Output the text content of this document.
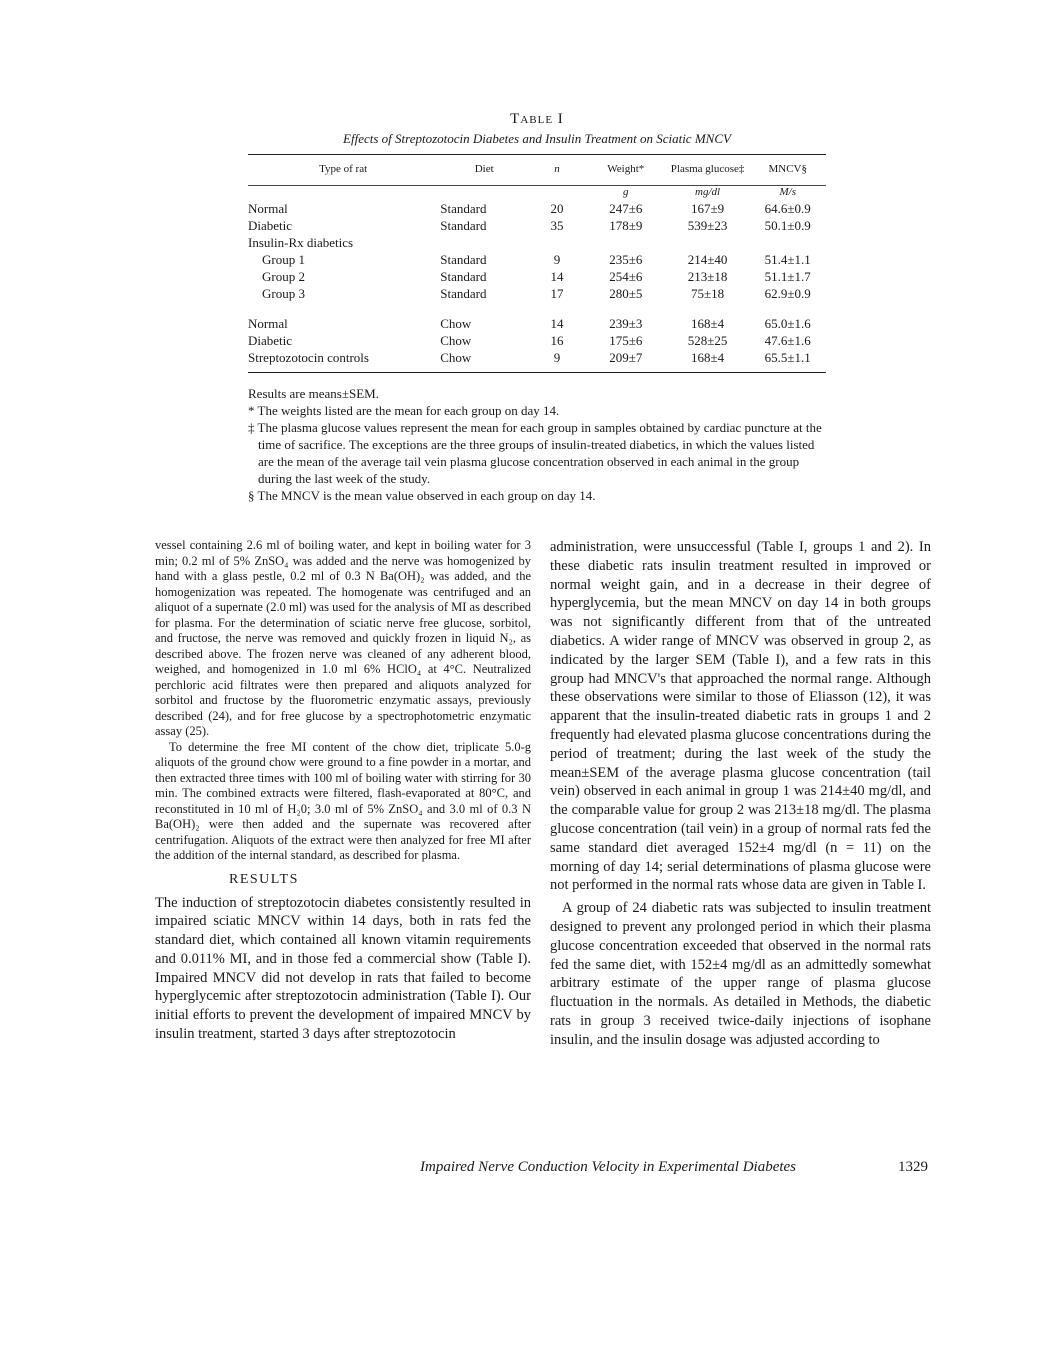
Table I

Effects of Streptozotocin Diabetes and Insulin Treatment on Sciatic MNCV

Type of rat	Diet	n	Weight*	Plasma glucose‡	MNCV§
			g	mg/dl	M/s
Normal	Standard	20	247±6	167±9	64.6±0.9
Diabetic	Standard	35	178±9	539±23	50.1±0.9
Insulin-Rx diabetics					
Group 1	Standard	9	235±6	214±40	51.4±1.1
Group 2	Standard	14	254±6	213±18	51.1±1.7
Group 3	Standard	17	280±5	75±18	62.9±0.9

Normal	Chow	14	239±3	168±4	65.0±1.6
Diabetic	Chow	16	175±6	528±25	47.6±1.6
Streptozotocin controls	Chow	9	209±7	168±4	65.5±1.1

Results are means±SEM.

* The weights listed are the mean for each group on day 14.

‡ The plasma glucose values represent the mean for each group in samples obtained by cardiac puncture at the time of sacrifice. The exceptions are the three groups of insulin-treated diabetics, in which the values listed are the mean of the average tail vein plasma glucose concentration observed in each animal in the group during the last week of the study.

§ The MNCV is the mean value observed in each group on day 14.

vessel containing 2.6 ml of boiling water, and kept in boiling water for 3 min; 0.2 ml of 5% ZnSO₄ was added and the nerve was homogenized by hand with a glass pestle, 0.2 ml of 0.3 N Ba(OH)₂ was added, and the homogenization was repeated. The homogenate was centrifuged and an aliquot of a supernate (2.0 ml) was used for the analysis of MI as described for plasma. For the determination of sciatic nerve free glucose, sorbitol, and fructose, the nerve was removed and quickly frozen in liquid N₂, as described above. The frozen nerve was cleaned of any adherent blood, weighed, and homogenized in 1.0 ml 6% HClO₄ at 4°C. Neutralized perchloric acid filtrates were then prepared and aliquots analyzed for sorbitol and fructose by the fluorometric enzymatic assays, previously described (24), and for free glucose by a spectrophotometric enzymatic assay (25).

To determine the free MI content of the chow diet, triplicate 5.0-g aliquots of the ground chow were ground to a fine powder in a mortar, and then extracted three times with 100 ml of boiling water with stirring for 30 min. The combined extracts were filtered, flash-evaporated at 80°C, and reconstituted in 10 ml of H₂0; 3.0 ml of 5% ZnSO₄ and 3.0 ml of 0.3 N Ba(OH)₂ were then added and the supernate was recovered after centrifugation. Aliquots of the extract were then analyzed for free MI after the addition of the internal standard, as described for plasma.

RESULTS

The induction of streptozotocin diabetes consistently resulted in impaired sciatic MNCV within 14 days, both in rats fed the standard diet, which contained all known vitamin requirements and 0.011% MI, and in those fed a commercial show (Table I). Impaired MNCV did not develop in rats that failed to become hyperglycemic after streptozotocin administration (Table I). Our initial efforts to prevent the development of impaired MNCV by insulin treatment, started 3 days after streptozotocin

administration, were unsuccessful (Table I, groups 1 and 2). In these diabetic rats insulin treatment resulted in improved or normal weight gain, and in a decrease in their degree of hyperglycemia, but the mean MNCV on day 14 in both groups was not significantly different from that of the untreated diabetics. A wider range of MNCV was observed in group 2, as indicated by the larger SEM (Table I), and a few rats in this group had MNCV's that approached the normal range. Although these observations were similar to those of Eliasson (12), it was apparent that the insulin-treated diabetic rats in groups 1 and 2 frequently had elevated plasma glucose concentrations during the period of treatment; during the last week of the study the mean±SEM of the average plasma glucose concentration (tail vein) observed in each animal in group 1 was 214±40 mg/dl, and the comparable value for group 2 was 213±18 mg/dl. The plasma glucose concentration (tail vein) in a group of normal rats fed the same standard diet averaged 152±4 mg/dl (n = 11) on the morning of day 14; serial determinations of plasma glucose were not performed in the normal rats whose data are given in Table I.

A group of 24 diabetic rats was subjected to insulin treatment designed to prevent any prolonged period in which their plasma glucose concentration exceeded that observed in the normal rats fed the same diet, with 152±4 mg/dl as an admittedly somewhat arbitrary estimate of the upper range of plasma glucose fluctuation in the normals. As detailed in Methods, the diabetic rats in group 3 received twice-daily injections of isophane insulin, and the insulin dosage was adjusted according to

Impaired Nerve Conduction Velocity in Experimental Diabetes	1329
